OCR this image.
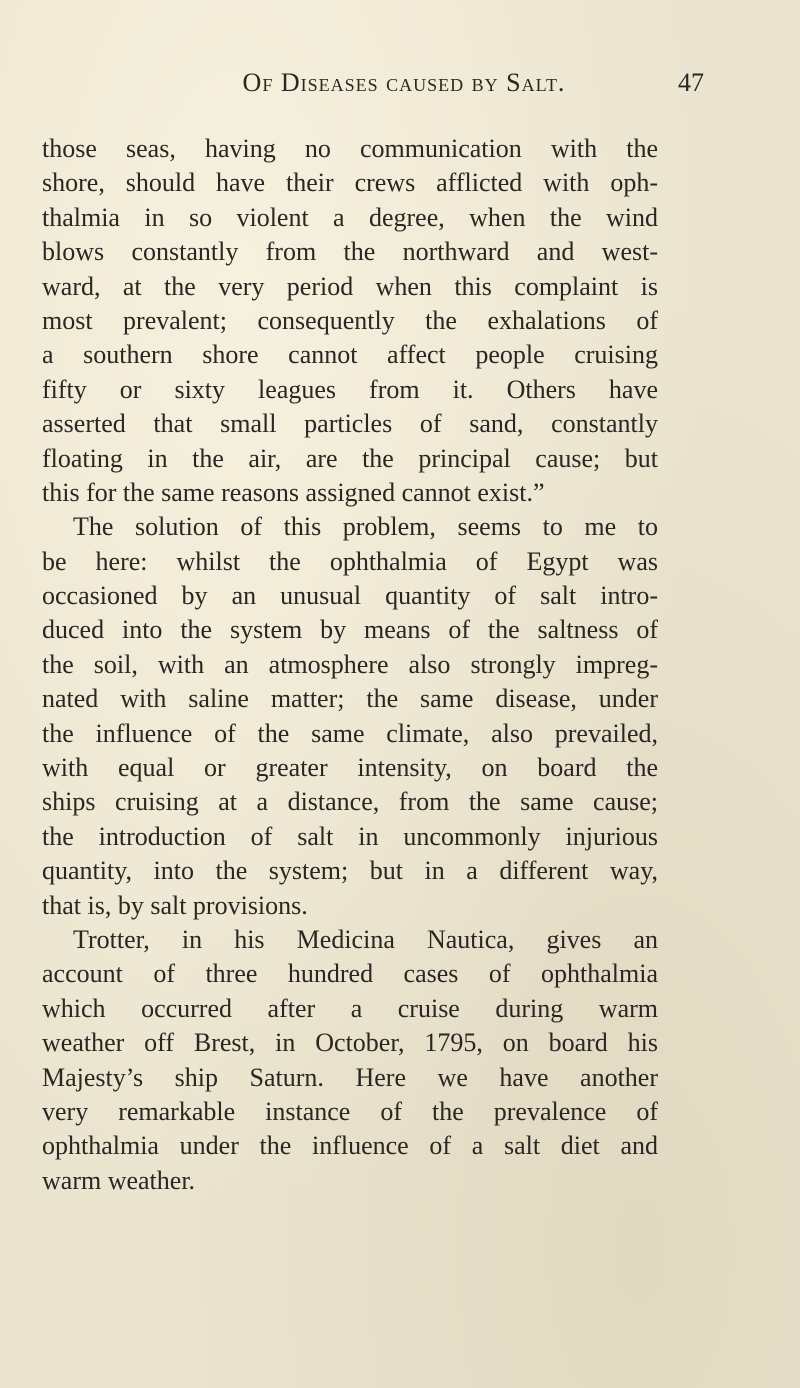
Of Diseases caused by Salt.	47
those seas, having no communication with the
shore, should have their crews afflicted with oph-
thalmia in so violent a degree, when the wind
blows constantly from the northward and west-
ward, at the very period when this complaint is
most prevalent; consequently the exhalations of
a southern shore cannot affect people cruising
fifty or sixty leagues from it. Others have
asserted that small particles of sand, constantly
floating in the air, are the principal cause; but
this for the same reasons assigned cannot exist.”
The solution of this problem, seems to me to
be here: whilst the ophthalmia of Egypt was
occasioned by an unusual quantity of salt intro-
duced into the system by means of the saltness of
the soil, with an atmosphere also strongly impreg-
nated with saline matter; the same disease, under
the influence of the same climate, also prevailed,
with equal or greater intensity, on board the
ships cruising at a distance, from the same cause;
the introduction of salt in uncommonly injurious
quantity, into the system; but in a different way,
that is, by salt provisions.
Trotter, in his Medicina Nautica, gives an
account of three hundred cases of ophthalmia
which occurred after a cruise during warm
weather off Brest, in October, 1795, on board his
Majesty’s ship Saturn. Here we have another
very remarkable instance of the prevalence of
ophthalmia under the influence of a salt diet and
warm weather.
